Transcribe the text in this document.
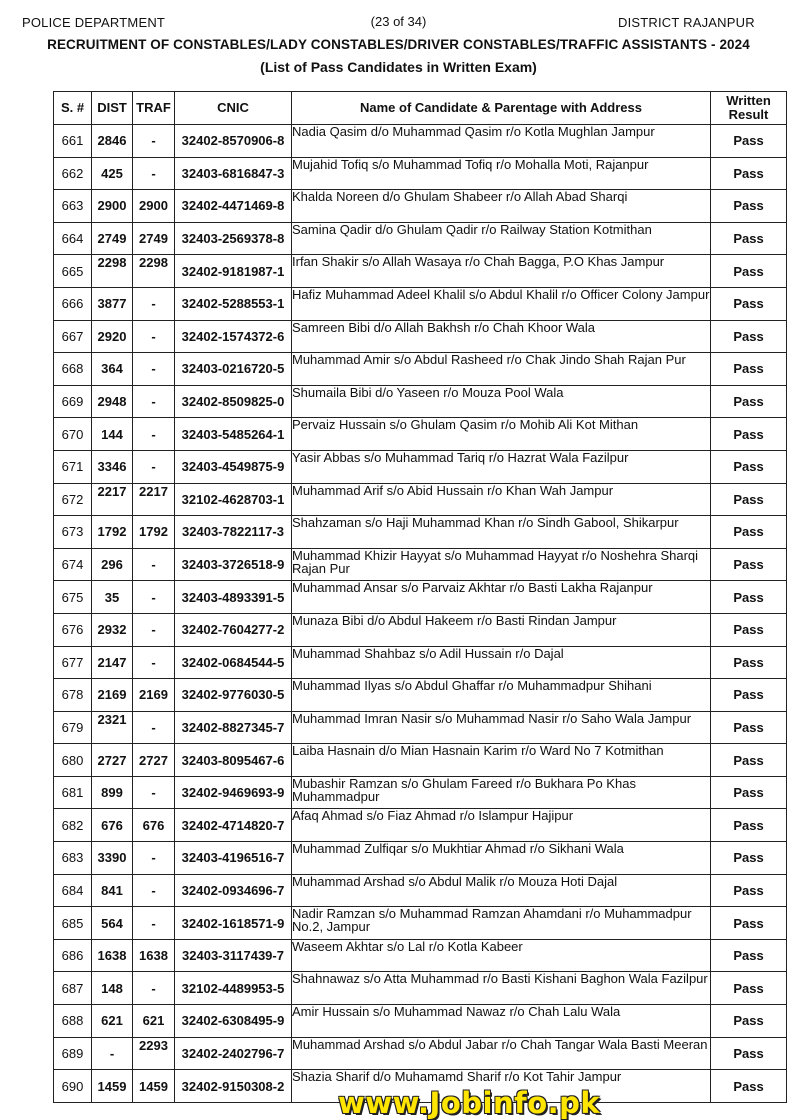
POLICE DEPARTMENT	(23 of 34)	DISTRICT RAJANPUR
RECRUITMENT OF CONSTABLES/LADY CONSTABLES/DRIVER CONSTABLES/TRAFFIC ASSISTANTS - 2024
(List of Pass Candidates in Written Exam)
S. #	DIST	TRAF	CNIC	Name of Candidate & Parentage with Address	Written Result
661	2846	-	32402-8570906-8	Nadia Qasim d/o Muhammad Qasim r/o Kotla Mughlan Jampur	Pass
662	425	-	32403-6816847-3	Mujahid Tofiq s/o Muhammad Tofiq r/o Mohalla Moti, Rajanpur	Pass
663	2900	2900	32402-4471469-8	Khalda Noreen d/o Ghulam Shabeer r/o Allah Abad Sharqi	Pass
664	2749	2749	32403-2569378-8	Samina Qadir d/o Ghulam Qadir r/o Railway Station Kotmithan	Pass
665	2298	2298	32402-9181987-1	Irfan Shakir s/o Allah Wasaya r/o Chah Bagga, P.O Khas Jampur	Pass
666	3877	-	32402-5288553-1	Hafiz Muhammad Adeel Khalil s/o Abdul Khalil r/o Officer Colony Jampur	Pass
667	2920	-	32402-1574372-6	Samreen Bibi d/o Allah Bakhsh r/o Chah Khoor Wala	Pass
668	364	-	32403-0216720-5	Muhammad Amir s/o Abdul Rasheed r/o Chak Jindo Shah Rajan Pur	Pass
669	2948	-	32402-8509825-0	Shumaila Bibi d/o Yaseen r/o Mouza Pool Wala	Pass
670	144	-	32403-5485264-1	Pervaiz Hussain s/o Ghulam Qasim r/o Mohib Ali Kot Mithan	Pass
671	3346	-	32403-4549875-9	Yasir Abbas s/o Muhammad Tariq r/o Hazrat Wala Fazilpur	Pass
672	2217	2217	32102-4628703-1	Muhammad Arif s/o Abid Hussain r/o Khan Wah Jampur	Pass
673	1792	1792	32403-7822117-3	Shahzaman s/o Haji Muhammad Khan r/o Sindh Gabool, Shikarpur	Pass
674	296	-	32403-3726518-9	Muhammad Khizir Hayyat s/o Muhammad Hayyat r/o Noshehra Sharqi Rajan Pur	Pass
675	35	-	32403-4893391-5	Muhammad Ansar s/o Parvaiz Akhtar r/o Basti Lakha Rajanpur	Pass
676	2932	-	32402-7604277-2	Munaza Bibi d/o Abdul Hakeem r/o Basti Rindan Jampur	Pass
677	2147	-	32402-0684544-5	Muhammad Shahbaz s/o Adil Hussain r/o Dajal	Pass
678	2169	2169	32402-9776030-5	Muhammad Ilyas s/o Abdul Ghaffar r/o Muhammadpur Shihani	Pass
679	2321	-	32402-8827345-7	Muhammad Imran Nasir s/o Muhammad Nasir r/o Saho Wala Jampur	Pass
680	2727	2727	32403-8095467-6	Laiba Hasnain d/o Mian Hasnain Karim r/o Ward No 7 Kotmithan	Pass
681	899	-	32402-9469693-9	Mubashir Ramzan s/o Ghulam Fareed r/o Bukhara Po Khas Muhammadpur	Pass
682	676	676	32402-4714820-7	Afaq Ahmad s/o Fiaz Ahmad r/o Islampur Hajipur	Pass
683	3390	-	32403-4196516-7	Muhammad Zulfiqar s/o Mukhtiar Ahmad r/o Sikhani Wala	Pass
684	841	-	32402-0934696-7	Muhammad Arshad s/o Abdul Malik r/o Mouza Hoti Dajal	Pass
685	564	-	32402-1618571-9	Nadir Ramzan s/o Muhammad Ramzan Ahamdani r/o Muhammadpur No.2, Jampur	Pass
686	1638	1638	32403-3117439-7	Waseem Akhtar s/o Lal r/o Kotla Kabeer	Pass
687	148	-	32102-4489953-5	Shahnawaz s/o Atta Muhammad r/o Basti Kishani Baghon Wala Fazilpur	Pass
688	621	621	32402-6308495-9	Amir Hussain s/o Muhammad Nawaz r/o Chah Lalu Wala	Pass
689	-	2293	32402-2402796-7	Muhammad Arshad s/o Abdul Jabar r/o Chah Tangar Wala Basti Meeran	Pass
690	1459	1459	32402-9150308-2	Shazia Sharif d/o Muhamamd Sharif r/o Kot Tahir Jampur	Pass
www.Jobinfo.pk
